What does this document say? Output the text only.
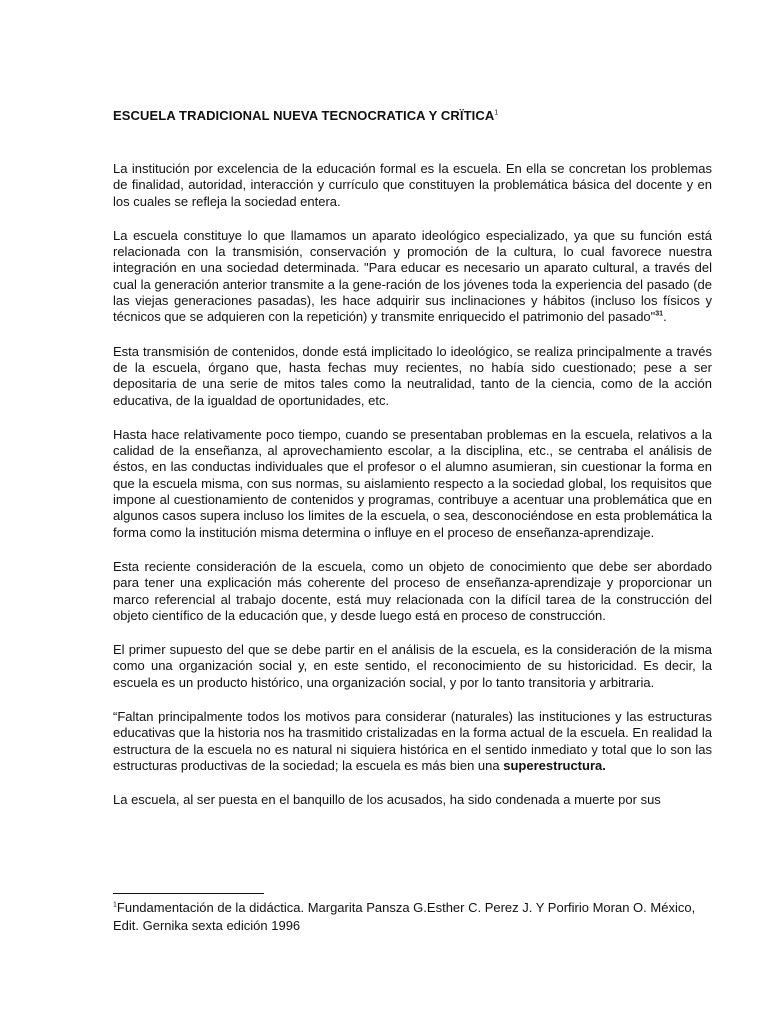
ESCUELA TRADICIONAL NUEVA TECNOCRATICA Y CRÏTICA$^1$

La institución por excelencia de la educación formal es la escuela. En ella se concretan los problemas de finalidad, autoridad, interacción y currículo que constituyen la problemática básica del docente y en los cuales se refleja la sociedad entera.

La escuela constituye lo que llamamos un aparato ideológico especializado, ya que su función está relacionada con la transmisión, conservación y promoción de la cultura, lo cual favorece nuestra integración en una sociedad determinada. "Para educar es necesario un aparato cultural, a través del cual la generación anterior transmite a la gene-ración de los jóvenes toda la experiencia del pasado (de las viejas generaciones pasadas), les hace adquirir sus inclinaciones y hábitos (incluso los físicos y técnicos que se adquieren con la repetición) y transmite enriquecido el patrimonio del pasado"$^{31}$.

Esta transmisión de contenidos, donde está implicitado lo ideológico, se realiza principalmente a través de la escuela, órgano que, hasta fechas muy recientes, no había sido cuestionado; pese a ser depositaria de una serie de mitos tales como la neutralidad, tanto de la ciencia, como de la acción educativa, de la igualdad de oportunidades, etc.

Hasta hace relativamente poco tiempo, cuando se presentaban problemas en la escuela, relativos a la calidad de la enseñanza, al aprovechamiento escolar, a la disciplina, etc., se centraba el análisis de éstos, en las conductas individuales que el profesor o el alumno asumieran, sin cuestionar la forma en que la escuela misma, con sus normas, su aislamiento respecto a la sociedad global, los requisitos que impone al cuestionamiento de contenidos y programas, contribuye a acentuar una problemática que en algunos casos supera incluso los limites de la escuela, o sea, desconociéndose en esta problemática la forma como la institución misma determina o influye en el proceso de enseñanza-aprendizaje.

Esta reciente consideración de la escuela, como un objeto de conocimiento que debe ser abordado para tener una explicación más coherente del proceso de enseñanza-aprendizaje y proporcionar un marco referencial al trabajo docente, está muy relacionada con la difícil tarea de la construcción del objeto científico de la educación que, y desde luego está en proceso de construcción.

El primer supuesto del que se debe partir en el análisis de la escuela, es la consideración de la misma como una organización social y, en este sentido, el reconocimiento de su historicidad. Es decir, la escuela es un producto histórico, una organización social, y por lo tanto transitoria y arbitraria.

“Faltan principalmente todos los motivos para considerar (naturales) las instituciones y las estructuras educativas que la historia nos ha trasmitido cristalizadas en la forma actual de la escuela. En realidad la estructura de la escuela no es natural ni siquiera histórica en el sentido inmediato y total que lo son las estructuras productivas de la sociedad; la escuela es más bien una superestructura.

La escuela, al ser puesta en el banquillo de los acusados, ha sido condenada a muerte por sus

$^1$Fundamentación de la didáctica. Margarita Pansza G.Esther C. Perez J. Y Porfirio Moran O. México, Edit. Gernika sexta edición 1996
